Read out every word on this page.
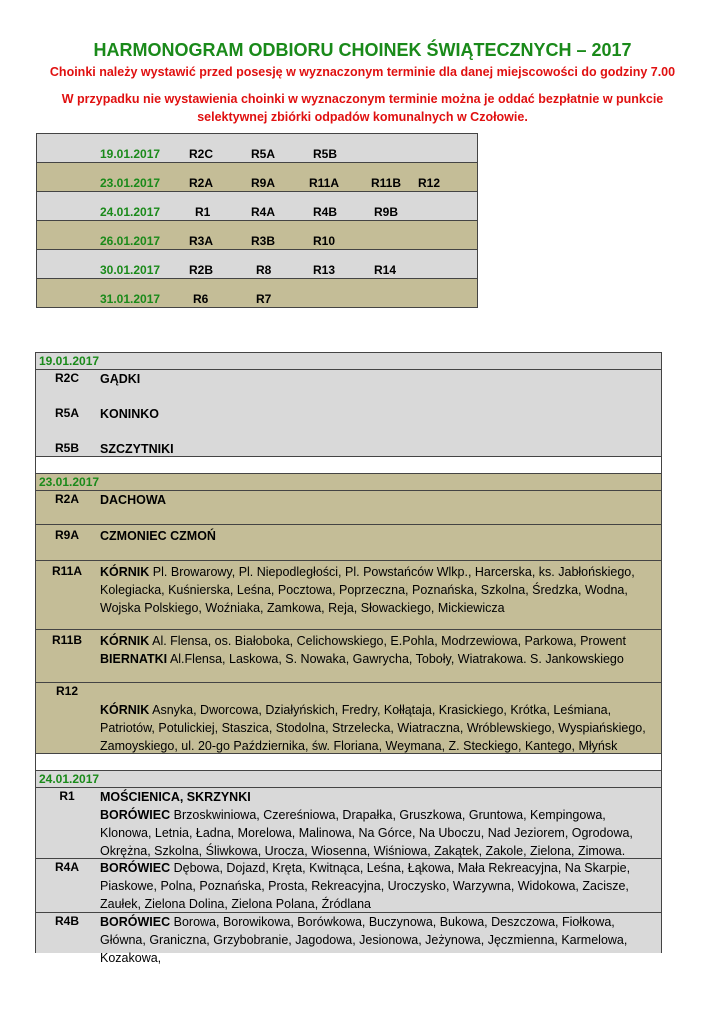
HARMONOGRAM ODBIORU CHOINEK ŚWIĄTECZNYCH – 2017
Choinki należy wystawić przed posesję w wyznaczonym terminie dla danej miejscowości do godziny 7.00
W przypadku nie wystawienia choinki w wyznaczonym terminie można je oddać bezpłatnie w punkcie selektywnej zbiórki odpadów komunalnych w Czołowie.
19.01.2017 R2C	R5A	R5B
23.01.2017 R2A	R9A	R11A	R11B R12
24.01.2017	R1	R4A	R4B	R9B
26.01.2017 R3A	R3B	R10
30.01.2017 R2B	R8	R13	R14
31.01.2017	R6	R7
19.01.2017
R2C	GĄDKI
R5A	KONINKO
R5B	SZCZYTNIKI
23.01.2017
R2A	DACHOWA
R9A	CZMONIEC CZMOŃ
R11A	KÓRNIK Pl. Browarowy, Pl. Niepodległości, Pl. Powstańców Wlkp., Harcerska, ks. Jabłońskiego, Kolegiacka, Kuśnierska, Leśna, Pocztowa, Poprzeczna, Poznańska, Szkolna, Średzka, Wodna, Wojska Polskiego, Woźniaka, Zamkowa, Reja, Słowackiego, Mickiewicza
R11B	KÓRNIK Al. Flensa, os. Białoboka, Celichowskiego, E.Pohla, Modrzewiowa, Parkowa, Prowent
BIERNATKI Al.Flensa, Laskowa, S. Nowaka, Gawrycha, Toboły, Wiatrakowa. S. Jankowskiego
R12
KÓRNIK Asnyka, Dworcowa, Działyńskich, Fredry, Kołłątaja, Krasickiego, Krótka, Leśmiana, Patriotów, Potulickiej, Staszica, Stodolna, Strzelecka, Wiatraczna, Wróblewskiego, Wyspiańskiego, Zamoyskiego, ul. 20-go Października, św. Floriana, Weymana, Z. Steckiego, Kantego, Młyńsk
24.01.2017
R1	MOŚCIENICA, SKRZYNKI
BORÓWIEC Brzoskwiniowa, Czereśniowa, Drapałka, Gruszkowa, Gruntowa, Kempingowa, Klonowa, Letnia, Ładna, Morelowa, Malinowa, Na Górce, Na Uboczu, Nad Jeziorem, Ogrodowa, Okrężna, Szkolna, Śliwkowa, Urocza, Wiosenna, Wiśniowa, Zakątek, Zakole, Zielona, Zimowa.
R4A	BORÓWIEC Dębowa, Dojazd, Kręta, Kwitnąca, Leśna, Łąkowa, Mała Rekreacyjna, Na Skarpie, Piaskowe, Polna, Poznańska, Prosta, Rekreacyjna, Uroczysko, Warzywna, Widokowa, Zacisze, Zaułek, Zielona Dolina, Zielona Polana, Źródlana
R4B	BORÓWIEC Borowa, Borowikowa, Borówkowa, Buczynowa, Bukowa, Deszczowa, Fiołkowa, Główna, Graniczna, Grzybobranie, Jagodowa, Jesionowa, Jeżynowa, Jęczmienna, Karmelowa, Kozakowa,
